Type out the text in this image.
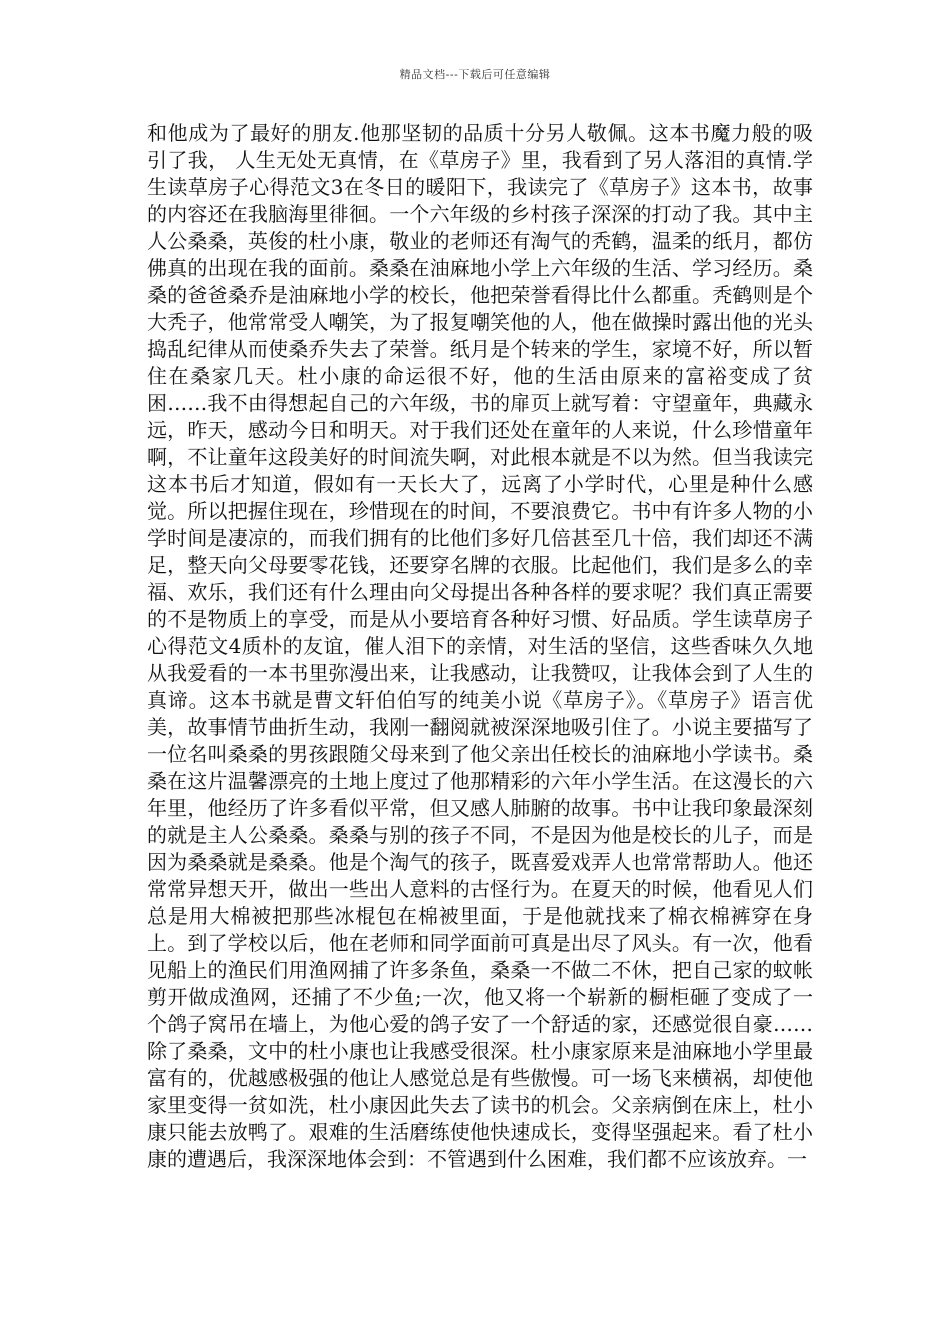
精品文档---下载后可任意编辑

和他成为了最好的朋友.他那坚韧的品质十分另人敬佩。这本书魔力般的吸引了我， 人生无处无真情，在《草房子》里，我看到了另人落泪的真情.学生读草房子心得范文3在冬日的暖阳下，我读完了《草房子》这本书，故事的内容还在我脑海里徘徊。一个六年级的乡村孩子深深的打动了我。其中主人公桑桑，英俊的杜小康，敬业的老师还有淘气的秃鹤，温柔的纸月，都仿佛真的出现在我的面前。桑桑在油麻地小学上六年级的生活、学习经历。桑桑的爸爸桑乔是油麻地小学的校长，他把荣誉看得比什么都重。秃鹤则是个大秃子，他常常受人嘲笑，为了报复嘲笑他的人，他在做操时露出他的光头捣乱纪律从而使桑乔失去了荣誉。纸月是个转来的学生，家境不好，所以暂住在桑家几天。杜小康的命运很不好，他的生活由原来的富裕变成了贫困……我不由得想起自己的六年级，书的扉页上就写着：守望童年，典藏永远，昨天，感动今日和明天。对于我们还处在童年的人来说，什么珍惜童年啊，不让童年这段美好的时间流失啊，对此根本就是不以为然。但当我读完这本书后才知道，假如有一天长大了，远离了小学时代，心里是种什么感觉。所以把握住现在，珍惜现在的时间，不要浪费它。书中有许多人物的小学时间是凄凉的，而我们拥有的比他们多好几倍甚至几十倍，我们却还不满足，整天向父母要零花钱，还要穿名牌的衣服。比起他们，我们是多么的幸福、欢乐，我们还有什么理由向父母提出各种各样的要求呢？我们真正需要的不是物质上的享受，而是从小要培育各种好习惯、好品质。学生读草房子心得范文4质朴的友谊，催人泪下的亲情，对生活的坚信，这些香味久久地从我爱看的一本书里弥漫出来，让我感动，让我赞叹，让我体会到了人生的真谛。这本书就是曹文轩伯伯写的纯美小说《草房子》。《草房子》语言优美，故事情节曲折生动，我刚一翻阅就被深深地吸引住了。小说主要描写了一位名叫桑桑的男孩跟随父母来到了他父亲出任校长的油麻地小学读书。桑桑在这片温馨漂亮的土地上度过了他那精彩的六年小学生活。在这漫长的六年里，他经历了许多看似平常，但又感人肺腑的故事。书中让我印象最深刻的就是主人公桑桑。桑桑与别的孩子不同，不是因为他是校长的儿子，而是因为桑桑就是桑桑。他是个淘气的孩子，既喜爱戏弄人也常常帮助人。他还常常异想天开，做出一些出人意料的古怪行为。在夏天的时候，他看见人们总是用大棉被把那些冰棍包在棉被里面，于是他就找来了棉衣棉裤穿在身上。到了学校以后，他在老师和同学面前可真是出尽了风头。有一次，他看见船上的渔民们用渔网捕了许多条鱼，桑桑一不做二不休，把自己家的蚊帐剪开做成渔网，还捕了不少鱼;一次，他又将一个崭新的橱柜砸了变成了一个鸽子窝吊在墙上，为他心爱的鸽子安了一个舒适的家，还感觉很自豪……除了桑桑，文中的杜小康也让我感受很深。杜小康家原来是油麻地小学里最富有的，优越感极强的他让人感觉总是有些傲慢。可一场飞来横祸，却使他家里变得一贫如洗，杜小康因此失去了读书的机会。父亲病倒在床上，杜小康只能去放鸭了。艰难的生活磨练使他快速成长，变得坚强起来。看了杜小康的遭遇后，我深深地体会到：不管遇到什么困难，我们都不应该放弃。一
